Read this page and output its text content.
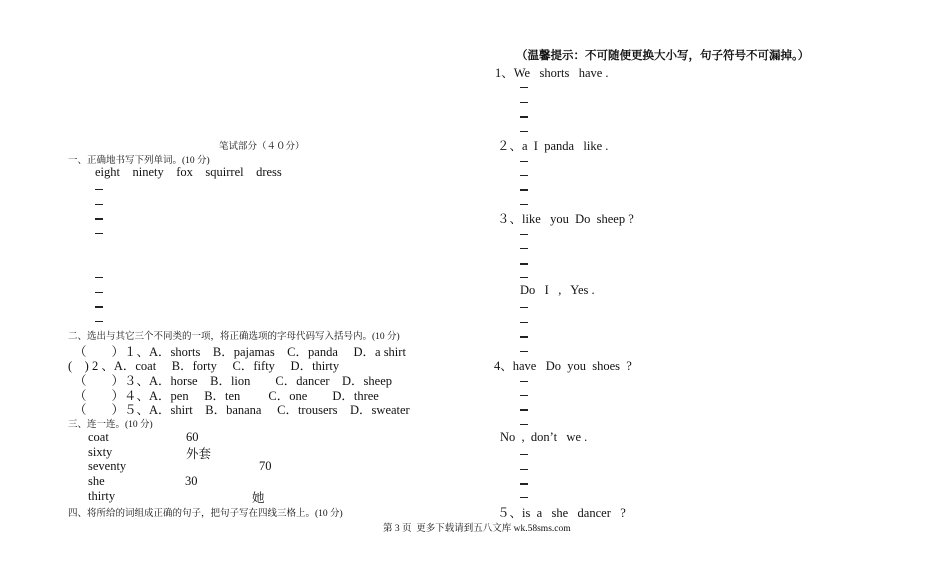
（温馨提示：不可随便更换大小写，句子符号不可漏掉。）
1、We   shorts   have .
２、a  I  panda   like .
３、like   you  Do  sheep ?
Do   I   ,   Yes .
4、have   Do  you  shoes  ?
No  ,  don’t   we .
５、is  a   she   dancer   ?
笔试部分（４０分）
一、正确地书写下列单词。(10 分)
eight    ninety    fox    squirrel    dress
二、选出与其它三个不同类的一项，将正确选项的字母代码写入括号内。(10 分)
（　　）１、A．shorts　B．pajamas　C．panda　 D．a shirt
(    ) 2 、A．coat　 B．forty　 C．fifty　 D．thirty
（　　）３、A．horse　B．lion　　C．dancer　D．sheep
（　　）４、A．pen　 B．ten　　 C．one　　D．three
（　　）５、A．shirt　B．banana　 C．trousers　D．sweater
三、连一连。(10 分)
coat
sixty
seventy
she
thirty
60
外套
70
30
她
四、将所给的词组成正确的句子，把句子写在四线三格上。(10 分)
第 3 页  更多下载请到五八文库 wk.58sms.com
